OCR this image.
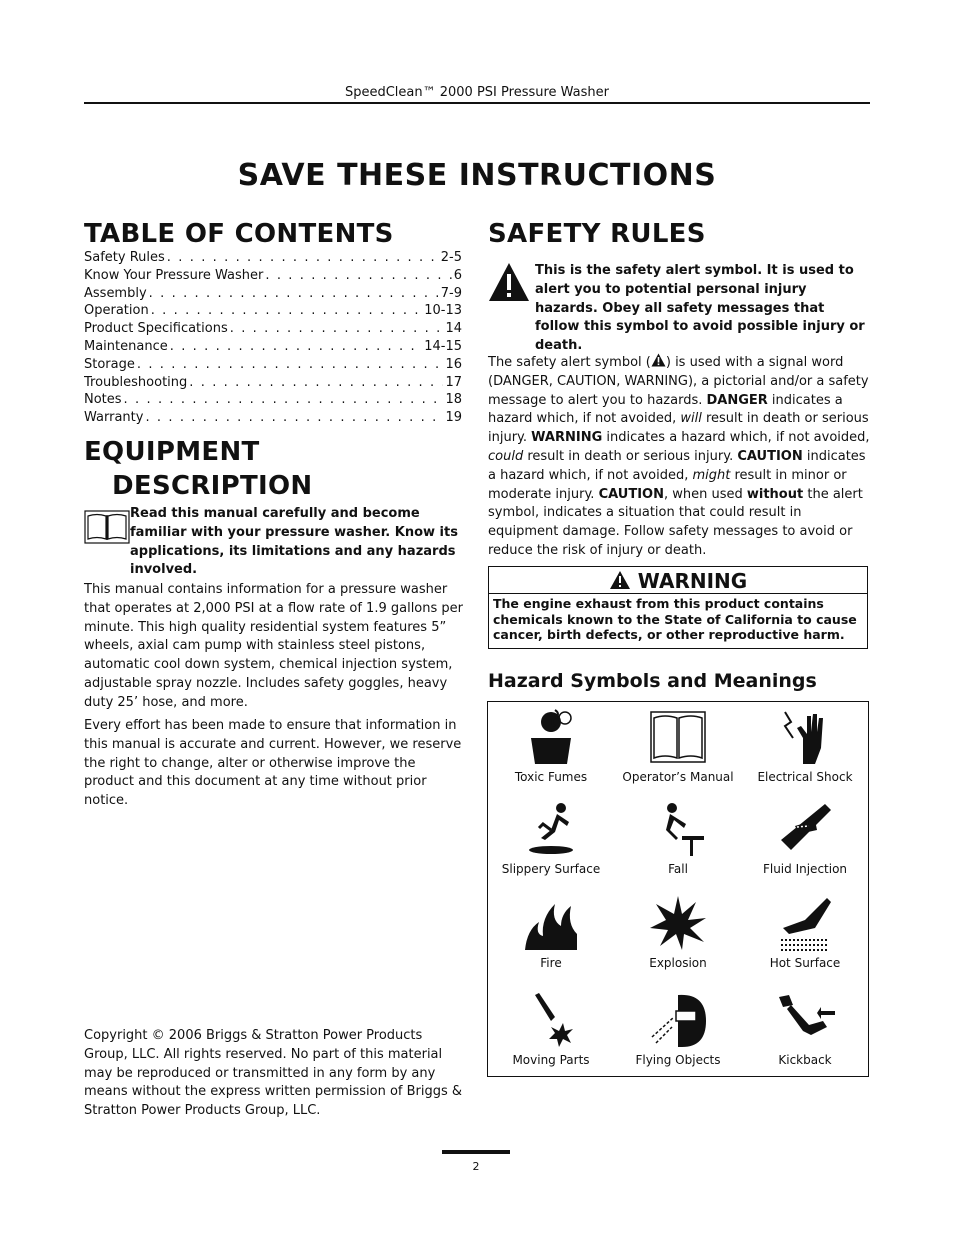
SpeedClean™ 2000 PSI Pressure Washer
SAVE THESE INSTRUCTIONS
TABLE OF CONTENTS
Safety Rules . . .	2-5
Know Your Pressure Washer . . .	6
Assembly . . .	7-9
Operation . . .	10-13
Product Specifications . . .	14
Maintenance . . .	14-15
Storage . . .	16
Troubleshooting . . .	17
Notes . . .	18
Warranty . . .	19
EQUIPMENT
DESCRIPTION
Read this manual carefully and become familiar with your pressure washer. Know its applications, its limitations and any hazards involved.
This manual contains information for a pressure washer that operates at 2,000 PSI at a flow rate of 1.9 gallons per minute. This high quality residential system features 5” wheels, axial cam pump with stainless steel pistons, automatic cool down system, chemical injection system, adjustable spray nozzle. Includes safety goggles, heavy duty 25’ hose, and more.
Every effort has been made to ensure that information in this manual is accurate and current. However, we reserve the right to change, alter or otherwise improve the product and this document at any time without prior notice.
Copyright © 2006 Briggs & Stratton Power Products Group, LLC. All rights reserved. No part of this material may be reproduced or transmitted in any form by any means without the express written permission of Briggs & Stratton Power Products Group, LLC.
SAFETY RULES
This is the safety alert symbol. It is used to alert you to potential personal injury hazards. Obey all safety messages that follow this symbol to avoid possible injury or death.
The safety alert symbol ( ) is used with a signal word (DANGER, CAUTION, WARNING), a pictorial and/or a safety message to alert you to hazards. DANGER indicates a hazard which, if not avoided, will result in death or serious injury. WARNING indicates a hazard which, if not avoided, could result in death or serious injury. CAUTION indicates a hazard which, if not avoided, might result in minor or moderate injury. CAUTION, when used without the alert symbol, indicates a situation that could result in equipment damage. Follow safety messages to avoid or reduce the risk of injury or death.
WARNING
The engine exhaust from this product contains chemicals known to the State of California to cause cancer, birth defects, or other reproductive harm.
Hazard Symbols and Meanings
Toxic Fumes	Operator’s Manual	Electrical Shock
Slippery Surface	Fall	Fluid Injection
Fire	Explosion	Hot Surface
Moving Parts	Flying Objects	Kickback
2
